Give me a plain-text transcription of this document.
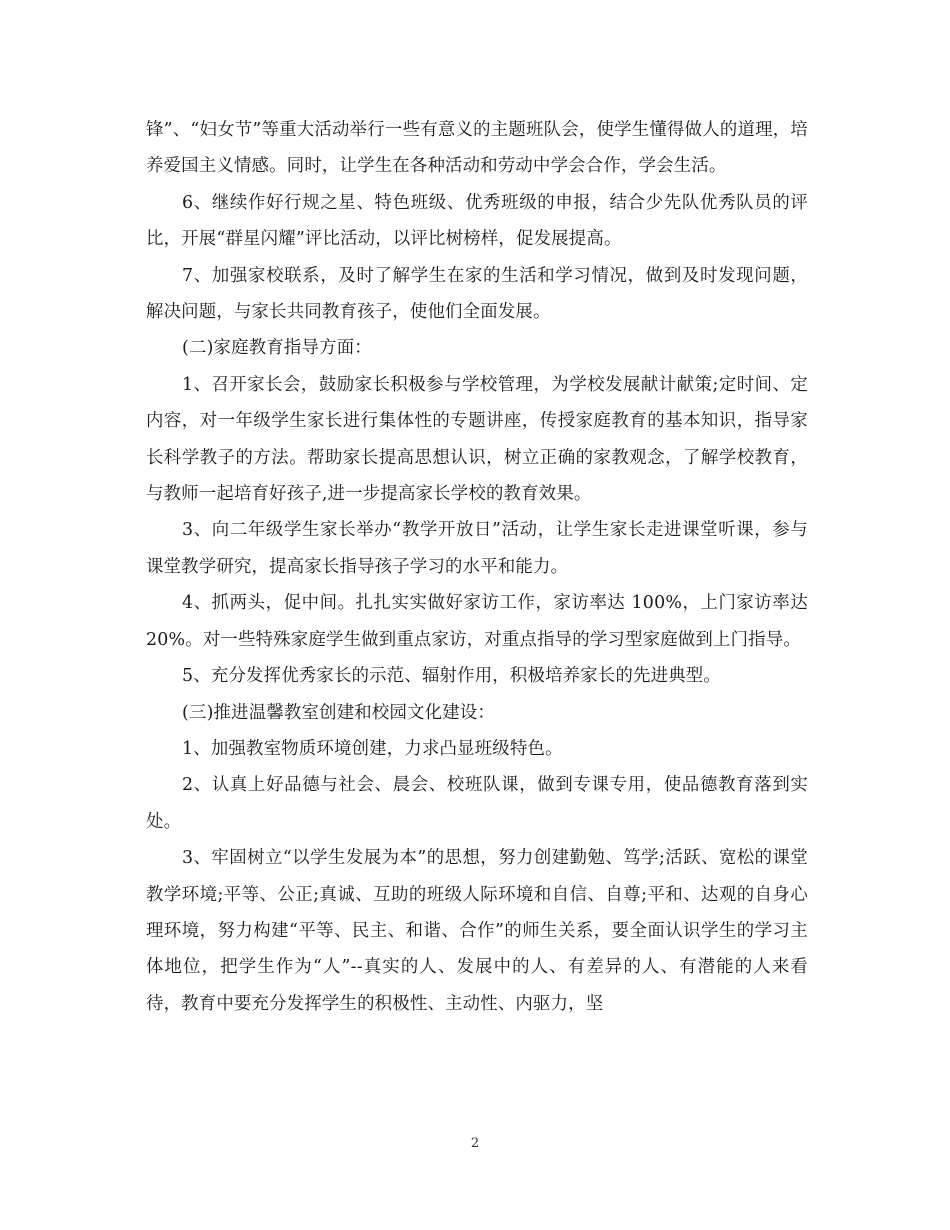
锋”、“妇女节”等重大活动举行一些有意义的主题班队会，使学生懂得做人的道理，培养爱国主义情感。同时，让学生在各种活动和劳动中学会合作，学会生活。

6、继续作好行规之星、特色班级、优秀班级的申报，结合少先队优秀队员的评比，开展“群星闪耀”评比活动，以评比树榜样，促发展提高。

7、加强家校联系，及时了解学生在家的生活和学习情况，做到及时发现问题，解决问题，与家长共同教育孩子，使他们全面发展。

(二)家庭教育指导方面：

1、召开家长会，鼓励家长积极参与学校管理，为学校发展献计献策;定时间、定内容，对一年级学生家长进行集体性的专题讲座，传授家庭教育的基本知识，指导家长科学教子的方法。帮助家长提高思想认识，树立正确的家教观念，了解学校教育，与教师一起培育好孩子,进一步提高家长学校的教育效果。

3、向二年级学生家长举办“教学开放日”活动，让学生家长走进课堂听课，参与课堂教学研究，提高家长指导孩子学习的水平和能力。

4、抓两头，促中间。扎扎实实做好家访工作，家访率达 100%，上门家访率达 20%。对一些特殊家庭学生做到重点家访，对重点指导的学习型家庭做到上门指导。

5、充分发挥优秀家长的示范、辐射作用，积极培养家长的先进典型。

(三)推进温馨教室创建和校园文化建设：

1、加强教室物质环境创建，力求凸显班级特色。

2、认真上好品德与社会、晨会、校班队课，做到专课专用，使品德教育落到实处。

3、牢固树立“以学生发展为本”的思想，努力创建勤勉、笃学;活跃、宽松的课堂教学环境;平等、公正;真诚、互助的班级人际环境和自信、自尊;平和、达观的自身心理环境，努力构建“平等、民主、和谐、合作”的师生关系，要全面认识学生的学习主体地位，把学生作为“人”--真实的人、发展中的人、有差异的人、有潜能的人来看待，教育中要充分发挥学生的积极性、主动性、内驱力，坚

2
